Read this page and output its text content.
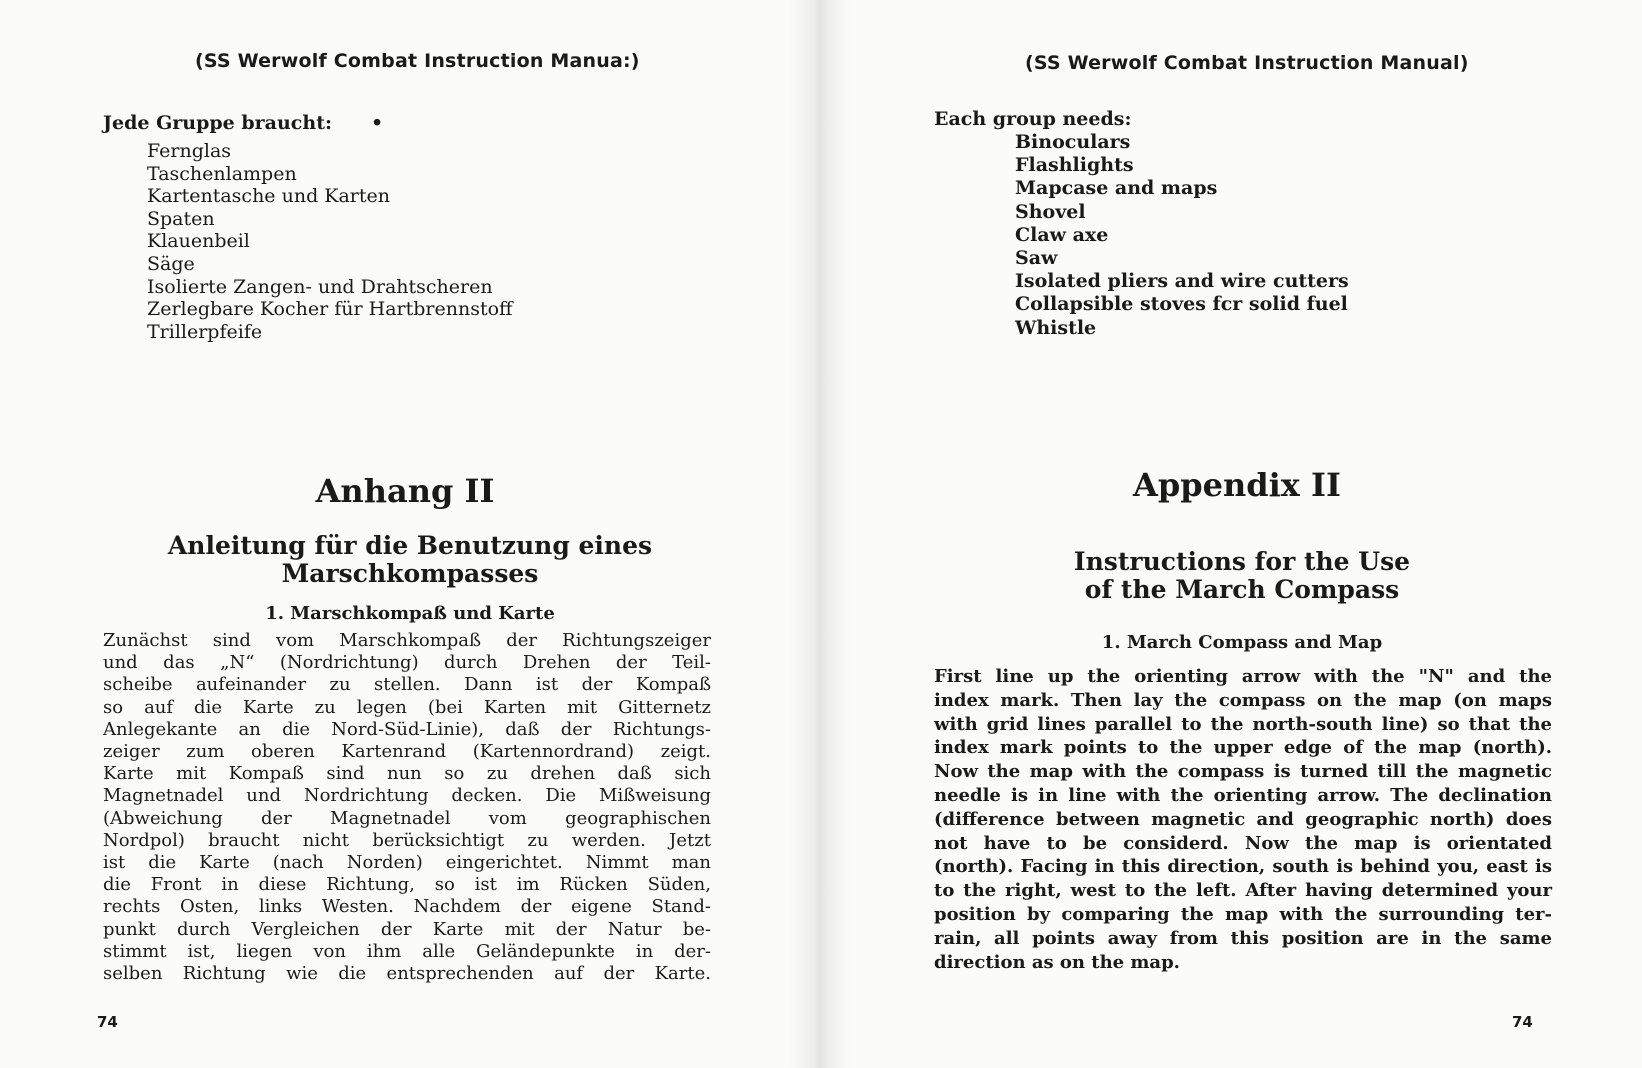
(SS Werwolf Combat Instruction Manua:)
Jede Gruppe braucht: •
Fernglas
Taschenlampen
Kartentasche und Karten
Spaten
Klauenbeil
Säge
Isolierte Zangen- und Drahtscheren
Zerlegbare Kocher für Hartbrennstoff
Trillerpfeife
Anhang II
Anleitung für die Benutzung eines
Marschkompasses
1. Marschkompaß und Karte
Zunächst sind vom Marschkompaß der Richtungszeiger
und das „N“ (Nordrichtung) durch Drehen der Teil-
scheibe aufeinander zu stellen. Dann ist der Kompaß
so auf die Karte zu legen (bei Karten mit Gitternetz
Anlegekante an die Nord-Süd-Linie), daß der Richtungs-
zeiger zum oberen Kartenrand (Kartennordrand) zeigt.
Karte mit Kompaß sind nun so zu drehen daß sich
Magnetnadel und Nordrichtung decken. Die Mißweisung
(Abweichung der Magnetnadel vom geographischen
Nordpol) braucht nicht berücksichtigt zu werden. Jetzt
ist die Karte (nach Norden) eingerichtet. Nimmt man
die Front in diese Richtung, so ist im Rücken Süden,
rechts Osten, links Westen. Nachdem der eigene Stand-
punkt durch Vergleichen der Karte mit der Natur be-
stimmt ist, liegen von ihm alle Geländepunkte in der-
selben Richtung wie die entsprechenden auf der Karte.
74
(SS Werwolf Combat Instruction Manual)
Each group needs:
Binoculars
Flashlights
Mapcase and maps
Shovel
Claw axe
Saw
Isolated pliers and wire cutters
Collapsible stoves fcr solid fuel
Whistle
Appendix II
Instructions for the Use
of the March Compass
1. March Compass and Map
First line up the orienting arrow with the "N" and the
index mark. Then lay the compass on the map (on maps
with grid lines parallel to the north-south line) so that the
index mark points to the upper edge of the map (north).
Now the map with the compass is turned till the magnetic
needle is in line with the orienting arrow. The declination
(difference between magnetic and geographic north) does
not have to be considerd. Now the map is orientated
(north). Facing in this direction, south is behind you, east is
to the right, west to the left. After having determined your
position by comparing the map with the surrounding ter-
rain, all points away from this position are in the same
direction as on the map.
74
